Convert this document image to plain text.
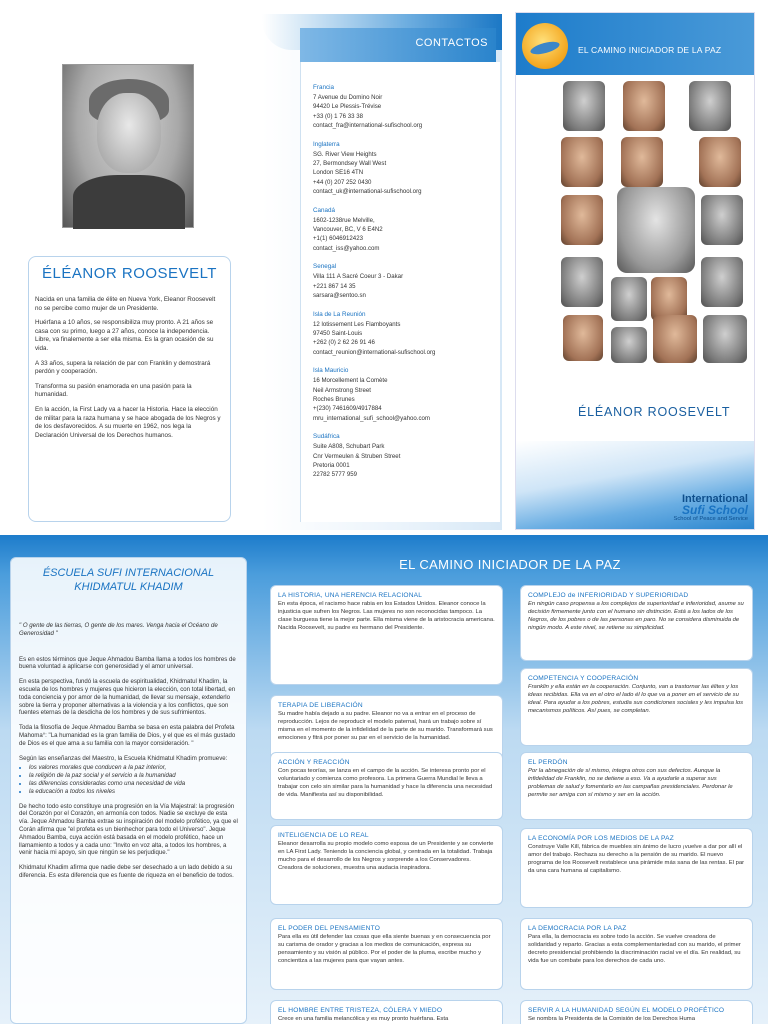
ÉLÉANOR ROOSEVELT

Nacida en una familia de élite en Nueva York, Eleanor Roosevelt no se percibe como mujer de un Presidente.

Huérfana a 10 años, se responsibiliza muy pronto. A 21 años se casa con su primo, luego a 27 años, conoce la independencia. Libre, va finalemente a ser ella misma. Es la gran ocasión de su vida.

A 33 años, supera la relación de par con Franklin y demostrará perdón y cooperación.

Transforma su pasión enamorada en una pasión para la humanidad.

En la acción, la First Lady va a hacer la Historia. Hace la elección de militar para la raza humana y se hace abogada de los Negros y de los desfavorecidos. A su muerte en 1962, nos lega la Declaración Universal de los Derechos humanos.

CONTACTOS
Francia
7 Avenue du Domino Noir
94420 Le Plessis-Trévise
+33 (0) 1 76 33 38
contact_fra@international-sufischool.org
Inglaterra
SG. River View Heights
27, Bermondsey Wall West
London SE16 4TN
+44 (0) 207 252 0430
contact_uk@international-sufischool.org
Canadá
1602-1238rue Melville,
Vancouver, BC, V 6 E4N2
+1(1) 6046912423
contact_iss@yahoo.com
Senegal
Villa 111 A Sacré Coeur 3 - Dakar
+221 867 14 35
sarsara@sentoo.sn
Isla de La Reunión
12 lotissement Les Flamboyants
97450 Saint-Louis
+262 (0) 2 62 26 91 46
contact_reunion@international-sufischool.org
Isla Mauricio
16 Morcellement la Comète
Neil Armstrong Street
Roches Brunes
+(230) 7461609/4917884
mru_international_sufi_school@yahoo.com
Sudáfrica
Suite A808, Schubart Park
Cnr Vermeulen & Struben Street
Pretoria 0001
22782 5777 959
EL CAMINO INICIADOR DE LA PAZ
ÉLÉANOR ROOSEVELT
International
Sufi School
School of Peace and Service
ÉSCUELA SUFI INTERNACIONAL KHIDMATUL KHADIM

" O gente de las tierras, O gente de los mares. Venga hacia el Océano de Generosidad "

Es en estos términos que Jeque Ahmadou Bamba llama a todos los hombres de buena voluntad a aplicarse con generosidad y el amor universal.

En esta perspectiva, fundó la escuela de espiritualidad, Khidmatul Khadim, la escuela de los hombres y mujeres que hicieron la elección, con total libertad, en toda conciencia y por amor de la humanidad, de llevar su mensaje, extenderlo sobre la tierra y proponer alternativas a la violencia y a los conflictos, que son fuentes eternas de la desdicha de los hombres y de sus sufrimientos.

Toda la filosofía de Jeque Ahmadou Bamba se basa en esta palabra del Profeta Mahoma°: "La humanidad es la gran familia de Dios, y el que es el más gustado de Dios es el que ama a su familia con la mayor consideración. "

Según las enseñanzas del Maestro, la Escuela Khidmatul Khadim promueve:

• los valores morales que conducen a la paz interior,
• la religión de la paz social y el servicio a la humanidad
• las diferencias consideradas como una necesidad de vida
• la educación a todos los niveles

De hecho todo esto constituye una progresión en la Vía Majestral: la progresión del Corazón por el Corazón, en armonía con todos. Nadie se excluye de esta vía. Jeque Ahmadou Bamba extrae su inspiración del modelo profético, ya que el Corán afirma que "el profeta es un bienhechor para todo el Universo". Jeque Ahmadou Bamba, cuya acción está basada en el modelo profético, hace un llamamiento a todos y a cada uno: "Invito en voz alta, a todos los hombres, a venir hacia mi apoyo, sin que ningún se les perjudique."

Khidmatul Khadim afirma que nadie debe ser desechado a un lado debido a su diferencia. Es esta diferencia que es fuente de riqueza en el beneficio de todos.

EL CAMINO INICIADOR DE LA PAZ
LA HISTORIA, UNA HERENCIA RELACIONAL
En esta época, el racismo hace rabia en los Estados Unidos. Eleanor conoce la injusticia que sufren los Negros. Las mujeres no son reconocidas tampoco. La clase burguesa tiene la mejor parte. Ella misma viene de la aristocracia americana. Nacida Roosevelt, su padre es hermano del Presidente.
TERAPIA DE LIBERACIÓN
Su madre había dejado a su padre. Eleanor no va a entrar en el proceso de reproducción. Lejos de reproducir el modelo paternal, hará un trabajo sobre sí misma en el momento de la infidelidad de la parte de su marido. Transformará sus emociones y fitrá por poner su par en el servicio de la humanidad.
ACCIÓN Y REACCIÓN
Con pocas teorías, se lanza en el campo de la acción. Se interesa pronto por el voluntariado y comienza como profesora. La primera Guerra Mundial le lleva a trabajar con celo sin similar para la humanidad y hace la diferencia una necesidad de vida. Manifiesta así su disponibilidad.
INTELIGENCIA DE LO REAL
Eleanor desarrolla su propio modelo como esposa de un Presidente y se convierte en LA First Lady. Teniendo la conciencia global, y centrada en la totalidad. Trabaja mucho para el desarrollo de los Negros y sorprende a los Conservadores. Creadora de soluciones, muestra una audacia inspiradora.
EL PODER DEL PENSAMIENTO
Para ella es útil defender las cosas que ella siente buenas y en consecuencia por su carisma de orador y gracias a los medios de comunicación, expresa su pensamiento y su visión al público. Por el poder de la pluma, escribe mucho y concientiza a las mujeres para que vayan antes.
EL HOMBRE ENTRE TRISTEZA, CÓLERA Y MIEDO
Crece en una familia melancólica y es muy pronto huérfana. Esta
COMPLEJO de INFERIORIDAD Y SUPERIORIDAD
En ningún caso propensa a los complejos de superioridad e inferioridad, asume su decisión firmemente junto con el humano sin distinción. Está a los lados de los Negros, de los pobres o de las personas en paro. No se considera disminuida de ningún modo. A este nivel, se retiene su simplicidad.
COMPETENCIA Y COOPERACIÓN
Franklin y ella están en la cooperación. Conjunto, van a trastornar las élites y los ideas recibidas. Ella va en el otro el lado él lo que va a poner en el servicio de su ideal. Para ayudar a los pobres, estudia sus condiciones sociales y les impulsa los mecanismos políticos. Así pues, se completan.
EL PERDÓN
Por la abnegación de sí mismo, integra otros con sus defectos. Aunque la infidelidad de Franklin, no se detiene a eso. Va a ayudarle a superar sus problemas de salud y fomentarlo en las campañas presidenciales. Perdonar le permite ser amiga con sí mismo y ser en la acción.
LA ECONOMÍA POR LOS MEDIOS DE LA PAZ
Construye Valle Kill, fábrica de muebles sin ánimo de lucro ¡vuelve a dar por allí el amor del trabajo. Rechaza su derecho a la pensión de su marido. El nuevo programa de los Roosevelt restablece una pirámide más sana de las rentas. El par da una cara humana al capitalismo.
LA DEMOCRACIA POR LA PAZ
Para ella, la democracia es sobre todo la acción. Se vuelve creadora de solidaridad y reparto. Gracias a esta complementariedad con su marido, el primer decreto presidencial prohibiendo la discriminación racial ve el día. En realidad, su vida fue un combate para los derechos de cada uno.
SERVIR A LA HUMANIDAD SEGÚN EL MODELO PROFÉTICO
Se nombra la Presidenta de la Comisión de los Derechos Huma
